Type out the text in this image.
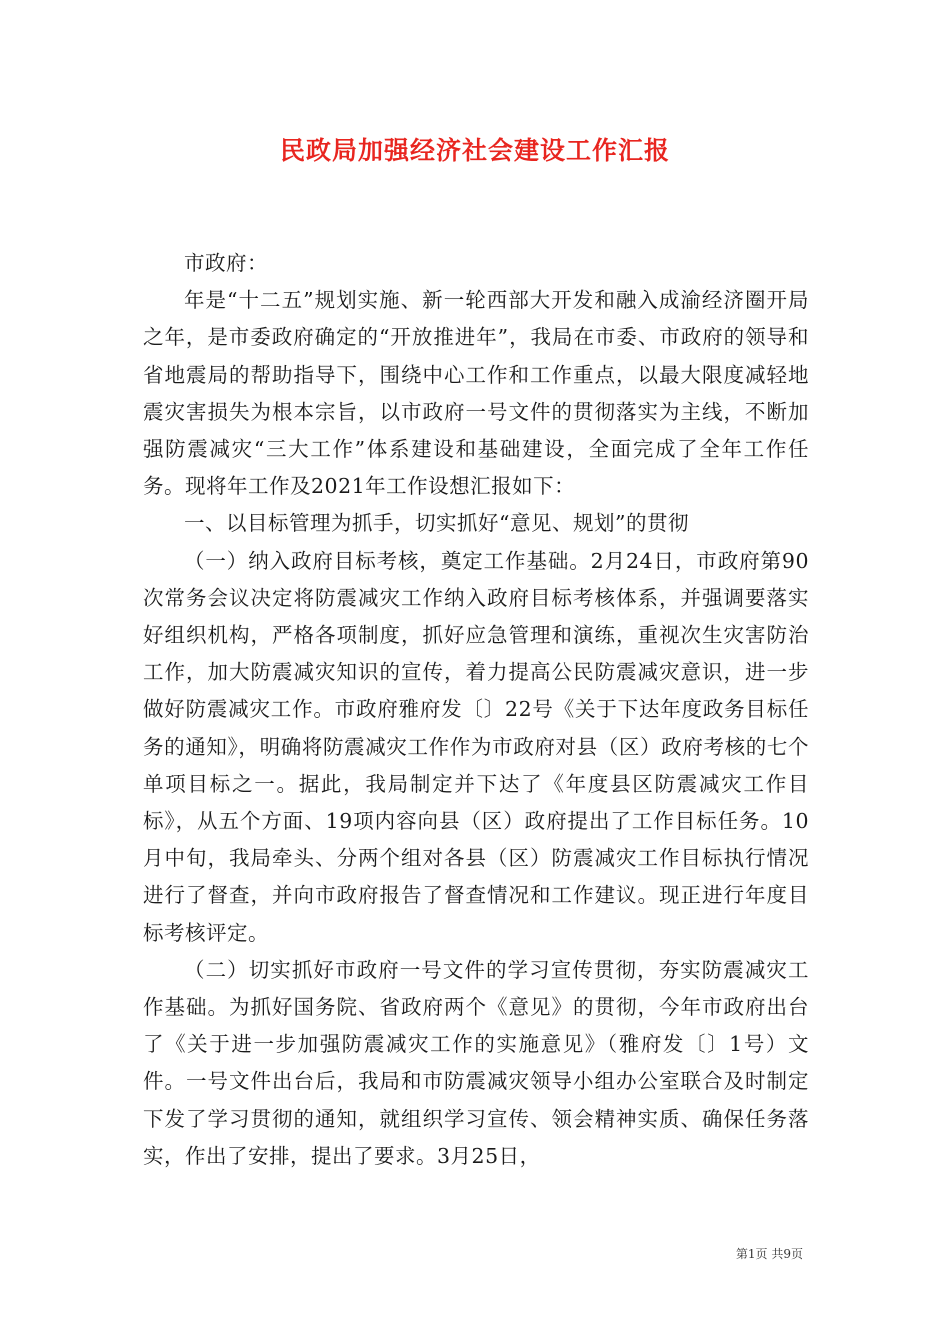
民政局加强经济社会建设工作汇报

市政府：

年是“十二五”规划实施、新一轮西部大开发和融入成渝经济圈开局之年，是市委政府确定的“开放推进年”，我局在市委、市政府的领导和省地震局的帮助指导下，围绕中心工作和工作重点，以最大限度减轻地震灾害损失为根本宗旨，以市政府一号文件的贯彻落实为主线，不断加强防震减灾“三大工作”体系建设和基础建设，全面完成了全年工作任务。现将年工作及2021年工作设想汇报如下：

一、以目标管理为抓手，切实抓好“意见、规划”的贯彻

（一）纳入政府目标考核，奠定工作基础。2月24日，市政府第90次常务会议决定将防震减灾工作纳入政府目标考核体系，并强调要落实好组织机构，严格各项制度，抓好应急管理和演练，重视次生灾害防治工作，加大防震减灾知识的宣传，着力提高公民防震减灾意识，进一步做好防震减灾工作。市政府雅府发〔〕22号《关于下达年度政务目标任务的通知》，明确将防震减灾工作作为市政府对县（区）政府考核的七个单项目标之一。据此，我局制定并下达了《年度县区防震减灾工作目标》，从五个方面、19项内容向县（区）政府提出了工作目标任务。10月中旬，我局牵头、分两个组对各县（区）防震减灾工作目标执行情况进行了督查，并向市政府报告了督查情况和工作建议。现正进行年度目标考核评定。

（二）切实抓好市政府一号文件的学习宣传贯彻，夯实防震减灾工作基础。为抓好国务院、省政府两个《意见》的贯彻，今年市政府出台了《关于进一步加强防震减灾工作的实施意见》（雅府发〔〕1号）文件。一号文件出台后，我局和市防震减灾领导小组办公室联合及时制定下发了学习贯彻的通知，就组织学习宣传、领会精神实质、确保任务落实，作出了安排，提出了要求。3月25日，

第1页 共9页
